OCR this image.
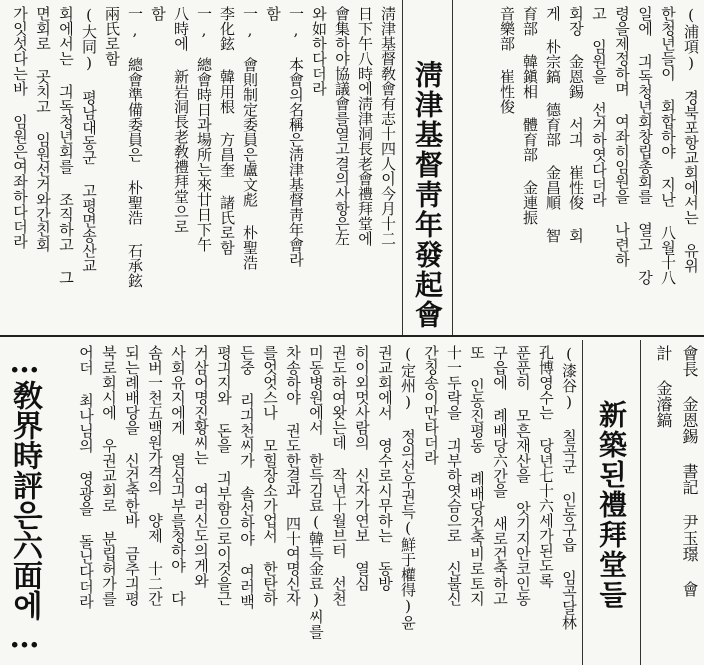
(浦項) 경북포항교회에서는 유위
한청년들이 회합하야 지난 八월十八
일에 긔독청년회창립총회를 열고 강
령을제정하며 여좌히임원을 나련하
고 임원을 선거하엿다더라
회장 金恩錫 서긔 崔性俊 회
게 朴宗鎬 德育部 金昌順 智
育部 韓鎭相 體育部 金連振
音樂部 崔性俊
淸津基督靑年發起會
淸津基督敎會有志十四人이今月十二
日下午八時에淸津洞長老會禮拜堂에
會集하야協議會를열고결의사항은左
와如하다더라
一, 本會의名稱은淸津基督靑年會라
함
一, 會則制定委員은盧文彪 朴聖浩
李化鉉 韓用根 方昌奎 諸氏로함
一, 總會時日과場所는來廿日下午
八時에 新岩洞長老敎禮拜堂으로
함
一, 總會準備委員은 朴聖浩 石承鉉
兩氏로함
(大同) 평남대동군 고평면송산교
회에서는 긔독청년회를 조직하고 그
면회로 곳치고 임원선거와간친회
가잇섯다는바 임원은여좌하다더라
會長 金恩錫 書記 尹玉璟 會
計 金濬鎬
新築된禮拜堂들
(漆谷) 칠곡군 인동구읍 임곡달林
孔博영수는 당년七十六세가된도록
푼푼히 모흔재산을 앗기지안코인동
구읍에 례배당六간을 새로건축하고
또 인동진평동 례배당건축비로토지
十一두락을 긔부하엿슴으로 신불신
간칭송이만타더라
(定州) 정의선우권득(鮮于權得)윤
권교회에서 영수로시무하는 동방
히이외멋사람의 신자가연보 열심
권도하여왓는데 작년十월브터 선천
미동병원에서 한득김료(韓득金료)씨를
차송하야 권도한결과 四十여명신자
를엇엇스나 모힐장소가업서 한탄하
든중 리긔천씨가 솔선하야 여러백
평긔지와 돈을 긔부함으로이것을근
거삼어명진황씨는 여러신도의게와
사회유지에게 열심긔부를청하야 다
솜버一천五백원가격의 양제 十二간
되는례배당을 신건축한바 금추긔평
북로회시에 우권교회로 분립허가를
어더 최나님의 영광을 돌닌다더라
…敎界時評은六面에…
